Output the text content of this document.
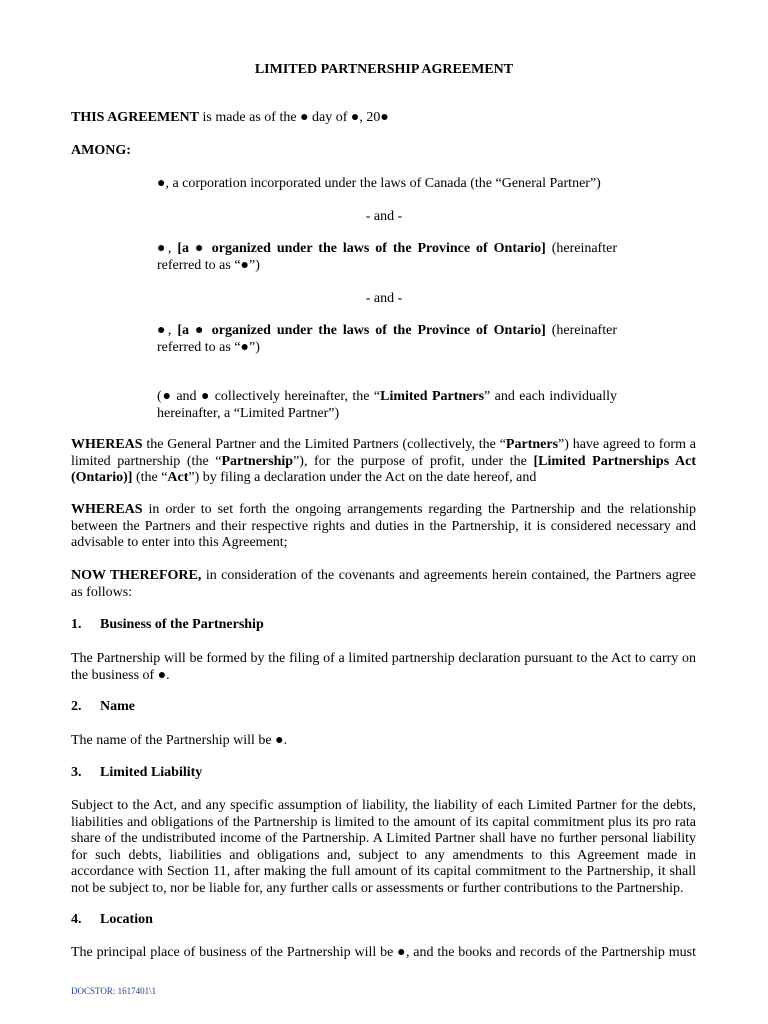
LIMITED PARTNERSHIP AGREEMENT

THIS AGREEMENT is made as of the ● day of ●, 20●

AMONG:

●, a corporation incorporated under the laws of Canada (the “General Partner”)

- and -

●, [a ● organized under the laws of the Province of Ontario] (hereinafter referred to as “●”)

- and -

●, [a ● organized under the laws of the Province of Ontario] (hereinafter referred to as “●”)

(● and ● collectively hereinafter, the “Limited Partners” and each individually hereinafter, a “Limited Partner”)

WHEREAS the General Partner and the Limited Partners (collectively, the “Partners”) have agreed to form a limited partnership (the “Partnership”), for the purpose of profit, under the [Limited Partnerships Act (Ontario)] (the “Act”) by filing a declaration under the Act on the date hereof, and

WHEREAS in order to set forth the ongoing arrangements regarding the Partnership and the relationship between the Partners and their respective rights and duties in the Partnership, it is considered necessary and advisable to enter into this Agreement;

NOW THEREFORE, in consideration of the covenants and agreements herein contained, the Partners agree as follows:

1. Business of the Partnership

The Partnership will be formed by the filing of a limited partnership declaration pursuant to the Act to carry on the business of ●.

2. Name

The name of the Partnership will be ●.

3. Limited Liability

Subject to the Act, and any specific assumption of liability, the liability of each Limited Partner for the debts, liabilities and obligations of the Partnership is limited to the amount of its capital commitment plus its pro rata share of the undistributed income of the Partnership. A Limited Partner shall have no further personal liability for such debts, liabilities and obligations and, subject to any amendments to this Agreement made in accordance with Section 11, after making the full amount of its capital commitment to the Partnership, it shall not be subject to, nor be liable for, any further calls or assessments or further contributions to the Partnership.

4. Location

The principal place of business of the Partnership will be ●, and the books and records of the Partnership must

DOCSTOR: 1617401\1
